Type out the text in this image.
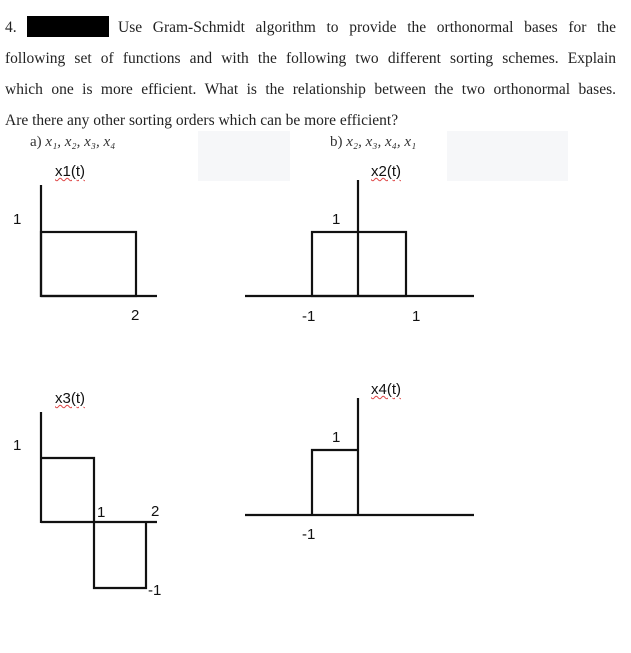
4.	Use Gram-Schmidt algorithm to provide the orthonormal bases for the
following set of functions and with the following two different sorting schemes. Explain
which one is more efficient. What is the relationship between the two orthonormal bases.
Are there any other sorting orders which can be more efficient?
a) x₁, x₂, x₃, x₄	b) x₂, x₃, x₄, x₁
x1(t)
1
2
x2(t)
1
-1	1
x3(t)
1
1	2
-1
x4(t)
1
-1
